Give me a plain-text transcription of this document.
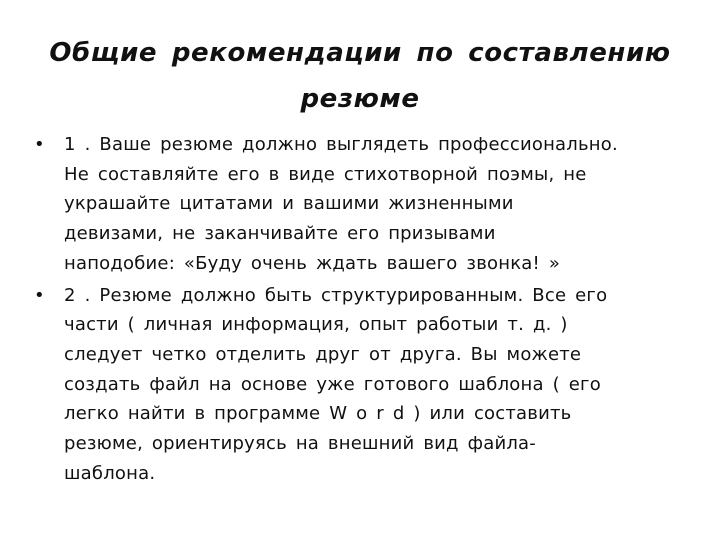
Общие рекомендации по составлению
резюме
•	1 . Ваше резюме должно выглядеть профессионально.
Не составляйте его в виде стихотворной поэмы, не
украшайте цитатами и вашими жизненными
девизами, не заканчивайте его призывами
наподобие: «Буду очень ждать вашего звонка! »
•	2 . Резюме должно быть структурированным. Все его
части ( личная информация, опыт работыи т. д. )
следует четко отделить друг от друга. Вы можете
создать файл на основе уже готового шаблона ( его
легко найти в программе W o r d ) или составить
резюме, ориентируясь на внешний вид файла-
шаблона.
